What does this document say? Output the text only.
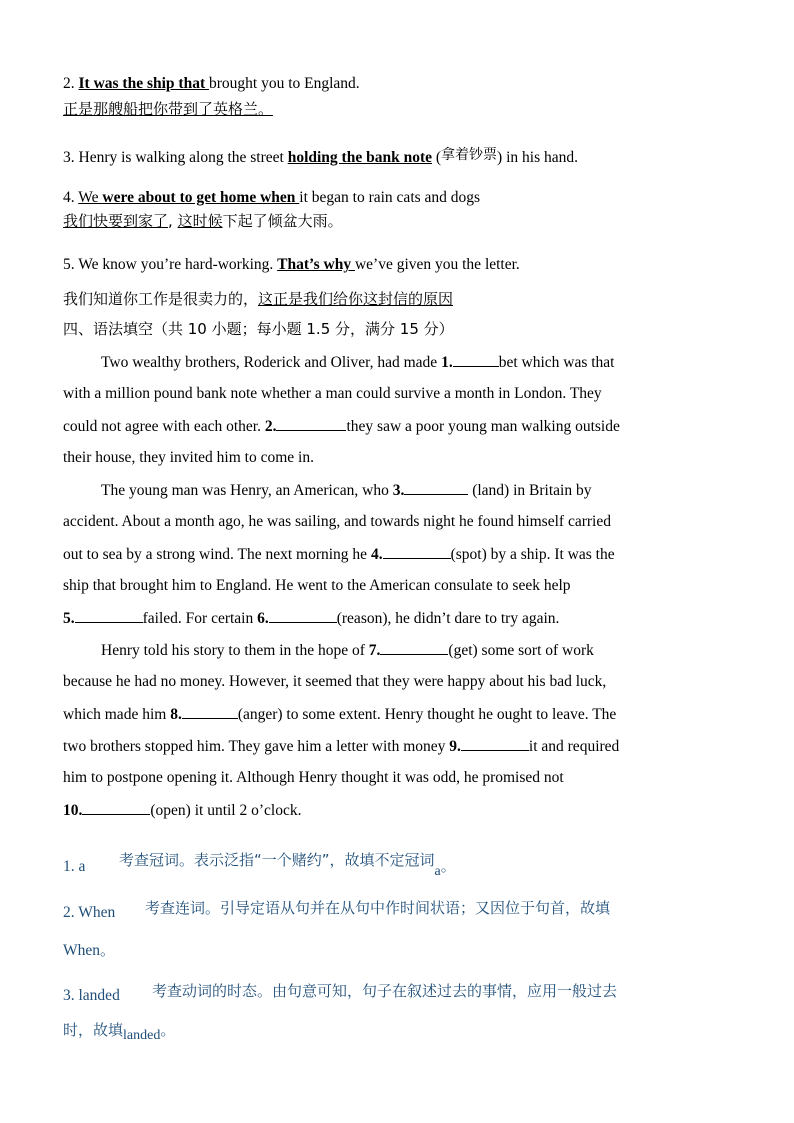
2. It was the ship that brought you to England.
正是那艘船把你带到了英格兰。
3. Henry is walking along the street holding the bank note (拿着钞票) in his hand.
4. We were about to get home when it began to rain cats and dogs
我们快要到家了, 这时候下起了倾盆大雨。
5. We know you’re hard-working. That’s why we’ve given you the letter.
我们知道你工作是很卖力的，这正是我们给你这封信的原因
四、语法填空（共 10 小题；每小题 1.5 分，满分 15 分）
Two wealthy brothers, Roderick and Oliver, had made 1.	bet which was that
with a million pound bank note whether a man could survive a month in London. They
could not agree with each other. 2.	they saw a poor young man walking outside
their house, they invited him to come in.
The young man was Henry, an American, who 3.	(land) in Britain by
accident. About a month ago, he was sailing, and towards night he found himself carried
out to sea by a strong wind. The next morning he 4.	(spot) by a ship. It was the
ship that brought him to England. He went to the American consulate to seek help
5.	failed. For certain 6.	(reason), he didn’t dare to try again.
Henry told his story to them in the hope of 7.	(get) some sort of work
because he had no money. However, it seemed that they were happy about his bad luck,
which made him 8.	(anger) to some extent. Henry thought he ought to leave. The
two brothers stopped him. They gave him a letter with money 9.	it and required
him to postpone opening it. Although Henry thought it was odd, he promised not
10.	(open) it until 2 o’clock.
1. a 考查冠词。表示泛指“一个赌约”，故填不定冠词a。
2. When 考查连词。引导定语从句并在从句中作时间状语；又因位于句首，故填
When。
3. landed 考查动词的时态。由句意可知，句子在叙述过去的事情，应用一般过去
时，故填landed。
